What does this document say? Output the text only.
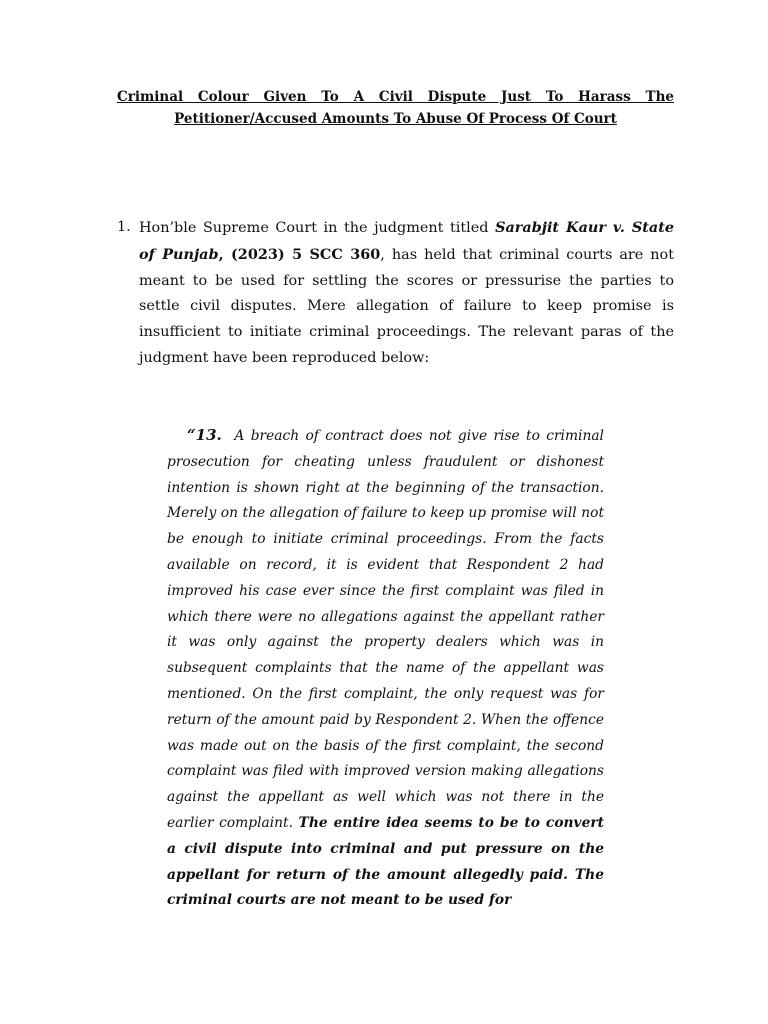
Criminal Colour Given To A Civil Dispute Just To Harass The
Petitioner/Accused Amounts To Abuse Of Process Of Court
1. Hon’ble Supreme Court in the judgment titled Sarabjit Kaur v. State of Punjab, (2023) 5 SCC 360, has held that criminal courts are not meant to be used for settling the scores or pressurise the parties to settle civil disputes. Mere allegation of failure to keep promise is insufficient to initiate criminal proceedings. The relevant paras of the judgment have been reproduced below:
“13. A breach of contract does not give rise to criminal prosecution for cheating unless fraudulent or dishonest intention is shown right at the beginning of the transaction. Merely on the allegation of failure to keep up promise will not be enough to initiate criminal proceedings. From the facts available on record, it is evident that Respondent 2 had improved his case ever since the first complaint was filed in which there were no allegations against the appellant rather it was only against the property dealers which was in subsequent complaints that the name of the appellant was mentioned. On the first complaint, the only request was for return of the amount paid by Respondent 2. When the offence was made out on the basis of the first complaint, the second complaint was filed with improved version making allegations against the appellant as well which was not there in the earlier complaint. The entire idea seems to be to convert a civil dispute into criminal and put pressure on the appellant for return of the amount allegedly paid. The criminal courts are not meant to be used for
